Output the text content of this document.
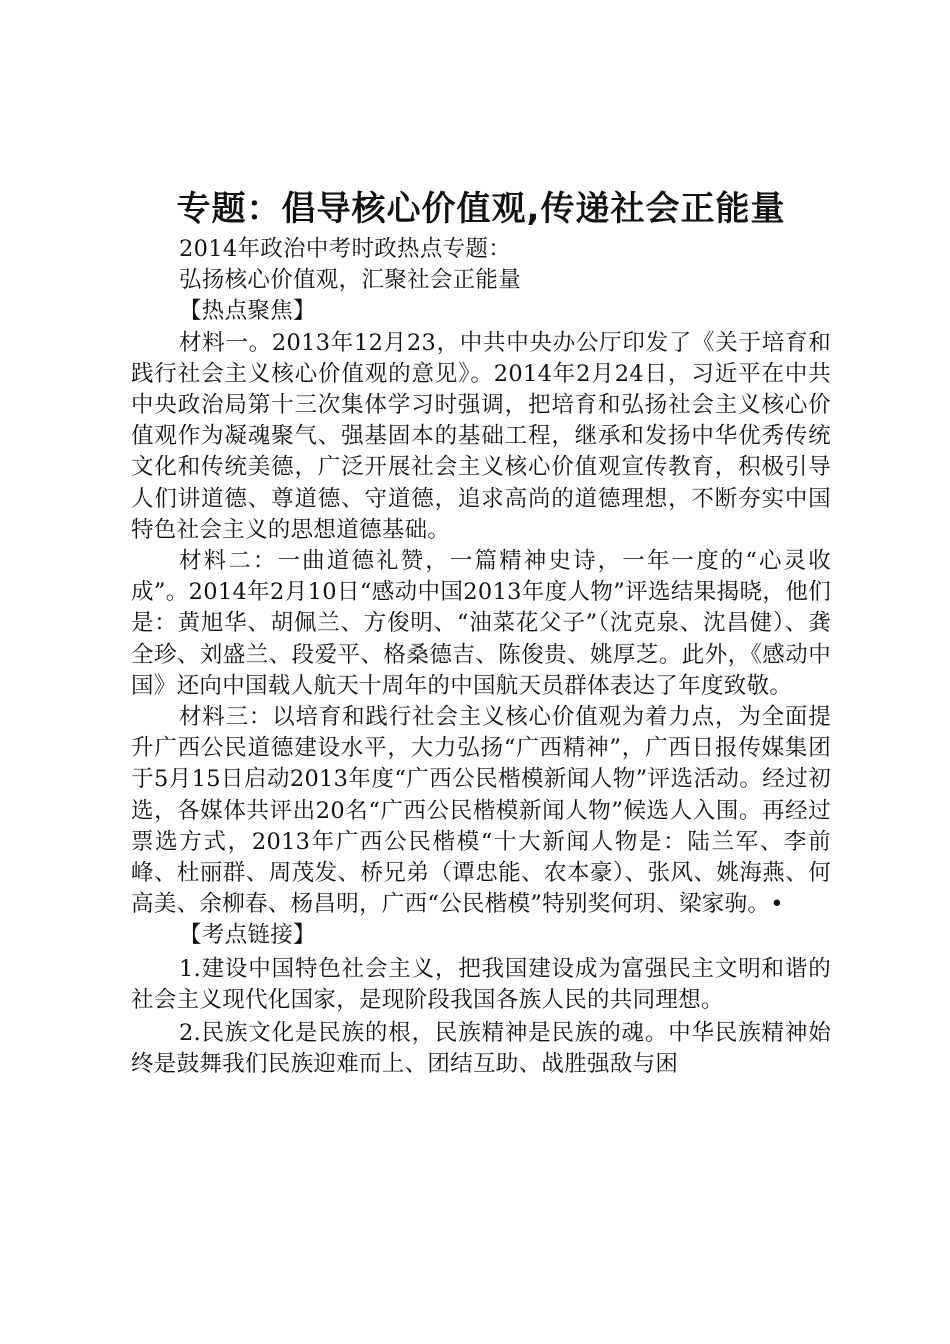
专题：倡导核心价值观,传递社会正能量

2014年政治中考时政热点专题：

弘扬核心价值观，汇聚社会正能量

【热点聚焦】

材料一。2013年12月23，中共中央办公厅印发了《关于培育和践行社会主义核心价值观的意见》。2014年2月24日，习近平在中共中央政治局第十三次集体学习时强调，把培育和弘扬社会主义核心价值观作为凝魂聚气、强基固本的基础工程，继承和发扬中华优秀传统文化和传统美德，广泛开展社会主义核心价值观宣传教育，积极引导人们讲道德、尊道德、守道德，追求高尚的道德理想，不断夯实中国特色社会主义的思想道德基础。

材料二：一曲道德礼赞，一篇精神史诗，一年一度的“心灵收成”。2014年2月10日“感动中国2013年度人物”评选结果揭晓，他们是：黄旭华、胡佩兰、方俊明、“油菜花父子”（沈克泉、沈昌健）、龚全珍、刘盛兰、段爱平、格桑德吉、陈俊贵、姚厚芝。此外，《感动中国》还向中国载人航天十周年的中国航天员群体表达了年度致敬。

材料三：以培育和践行社会主义核心价值观为着力点，为全面提升广西公民道德建设水平，大力弘扬“广西精神”，广西日报传媒集团于5月15日启动2013年度“广西公民楷模新闻人物”评选活动。经过初选，各媒体共评出20名“广西公民楷模新闻人物”候选人入围。再经过票选方式，2013年广西公民楷模“十大新闻人物是：陆兰军、李前峰、杜丽群、周茂发、桥兄弟（谭忠能、农本豪）、张风、姚海燕、何高美、余柳春、杨昌明，广西“公民楷模”特别奖何玥、梁家驹。•

【考点链接】

1.建设中国特色社会主义，把我国建设成为富强民主文明和谐的社会主义现代化国家，是现阶段我国各族人民的共同理想。

2.民族文化是民族的根，民族精神是民族的魂。中华民族精神始终是鼓舞我们民族迎难而上、团结互助、战胜强敌与困
